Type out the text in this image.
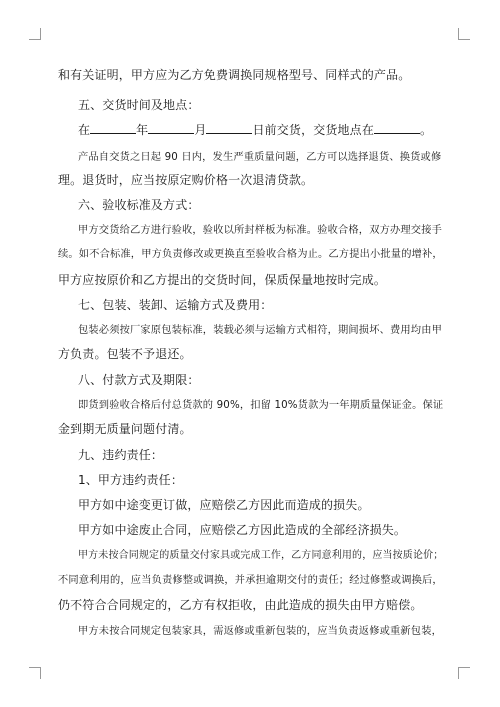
和有关证明，甲方应为乙方免费调换同规格型号、同样式的产品。
五、交货时间及地点：
在	年	月	日前交货，交货地点在	。
产品自交货之日起 90 日内，发生严重质量问题，乙方可以选择退货、换货或修
理。退货时，应当按原定购价格一次退清贷款。
六、验收标准及方式：
甲方交货给乙方进行验收，验收以所封样板为标准。验收合格，双方办理交接手
续。如不合标准，甲方负责修改或更换直至验收合格为止。乙方提出小批量的增补，
甲方应按原价和乙方提出的交货时间，保质保量地按时完成。
七、包装、装卸、运输方式及费用：
包装必须按厂家原包装标准，装载必须与运输方式相符，期间损坏、费用均由甲
方负责。包装不予退还。
八、付款方式及期限：
即货到验收合格后付总货款的 90%，扣留 10%货款为一年期质量保证金。保证
金到期无质量问题付清。
九、违约责任：
1、甲方违约责任：
甲方如中途变更订做，应赔偿乙方因此而造成的损失。
甲方如中途废止合同，应赔偿乙方因此造成的全部经济损失。
甲方未按合同规定的质量交付家具或完成工作，乙方同意利用的，应当按质论价；
不同意利用的，应当负责修整或调换，并承担逾期交付的责任；经过修整或调换后，
仍不符合合同规定的，乙方有权拒收，由此造成的损失由甲方赔偿。
甲方未按合同规定包装家具，需返修或重新包装的，应当负责返修或重新包装，
